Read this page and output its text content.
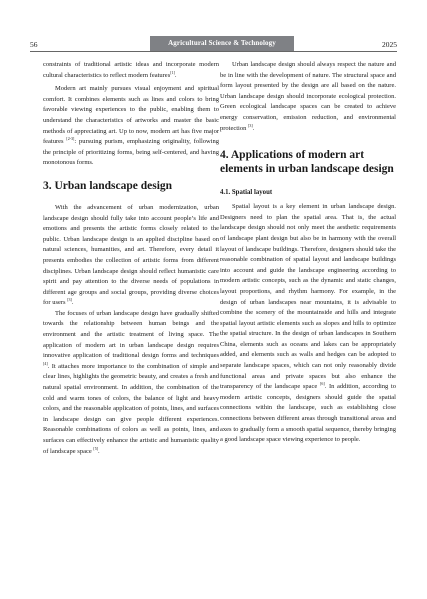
56	Agricultural Science & Technology	2025

constraints of traditional artistic ideas and incorporate modern cultural characteristics to reflect modern features[1].

Modern art mainly pursues visual enjoyment and spiritual comfort. It combines elements such as lines and colors to bring favorable viewing experiences to the public, enabling them to understand the characteristics of artworks and master the basic methods of appreciating art. Up to now, modern art has five major features [2-3]: pursuing purism, emphasizing originality, following the principle of prioritizing forms, being self-centered, and having monotonous forms.

3. Urban landscape design

With the advancement of urban modernization, urban landscape design should fully take into account people’s life and emotions and presents the artistic forms closely related to the public. Urban landscape design is an applied discipline based on natural sciences, humanities, and art. Therefore, every detail it presents embodies the collection of artistic forms from different disciplines. Urban landscape design should reflect humanistic care spirit and pay attention to the diverse needs of populations in different age groups and social groups, providing diverse choices for users [3].

The focuses of urban landscape design have gradually shifted towards the relationship between human beings and the environment and the artistic treatment of living space. The application of modern art in urban landscape design requires innovative application of traditional design forms and techniques [4]. It attaches more importance to the combination of simple and clear lines, highlights the geometric beauty, and creates a fresh and natural spatial environment. In addition, the combination of the cold and warm tones of colors, the balance of light and heavy colors, and the reasonable application of points, lines, and surfaces in landscape design can give people different experiences. Reasonable combinations of colors as well as points, lines, and surfaces can effectively enhance the artistic and humanistic quality of landscape space [5].

Urban landscape design should always respect the nature and be in line with the development of nature. The structural space and form layout presented by the design are all based on the nature. Urban landscape design should incorporate ecological protection. Green ecological landscape spaces can be created to achieve energy conservation, emission reduction, and environmental protection [3].

4. Applications of modern art elements in urban landscape design
4.1. Spatial layout

Spatial layout is a key element in urban landscape design. Designers need to plan the spatial area. That is, the actual landscape design should not only meet the aesthetic requirements of landscape plant design but also be in harmony with the overall layout of landscape buildings. Therefore, designers should take the reasonable combination of spatial layout and landscape buildings into account and guide the landscape engineering according to modern artistic concepts, such as the dynamic and static changes, layout proportions, and rhythm harmony. For example, in the design of urban landscapes near mountains, it is advisable to combine the scenery of the mountainside and hills and integrate spatial layout artistic elements such as slopes and hills to optimize the spatial structure. In the design of urban landscapes in Southern China, elements such as oceans and lakes can be appropriately added, and elements such as walls and hedges can be adopted to separate landscape spaces, which can not only reasonably divide functional areas and private spaces but also enhance the transparency of the landscape space [6]. In addition, according to modern artistic concepts, designers should guide the spatial connections within the landscape, such as establishing close connections between different areas through transitional areas and axes to gradually form a smooth spatial sequence, thereby bringing a good landscape space viewing experience to people.
